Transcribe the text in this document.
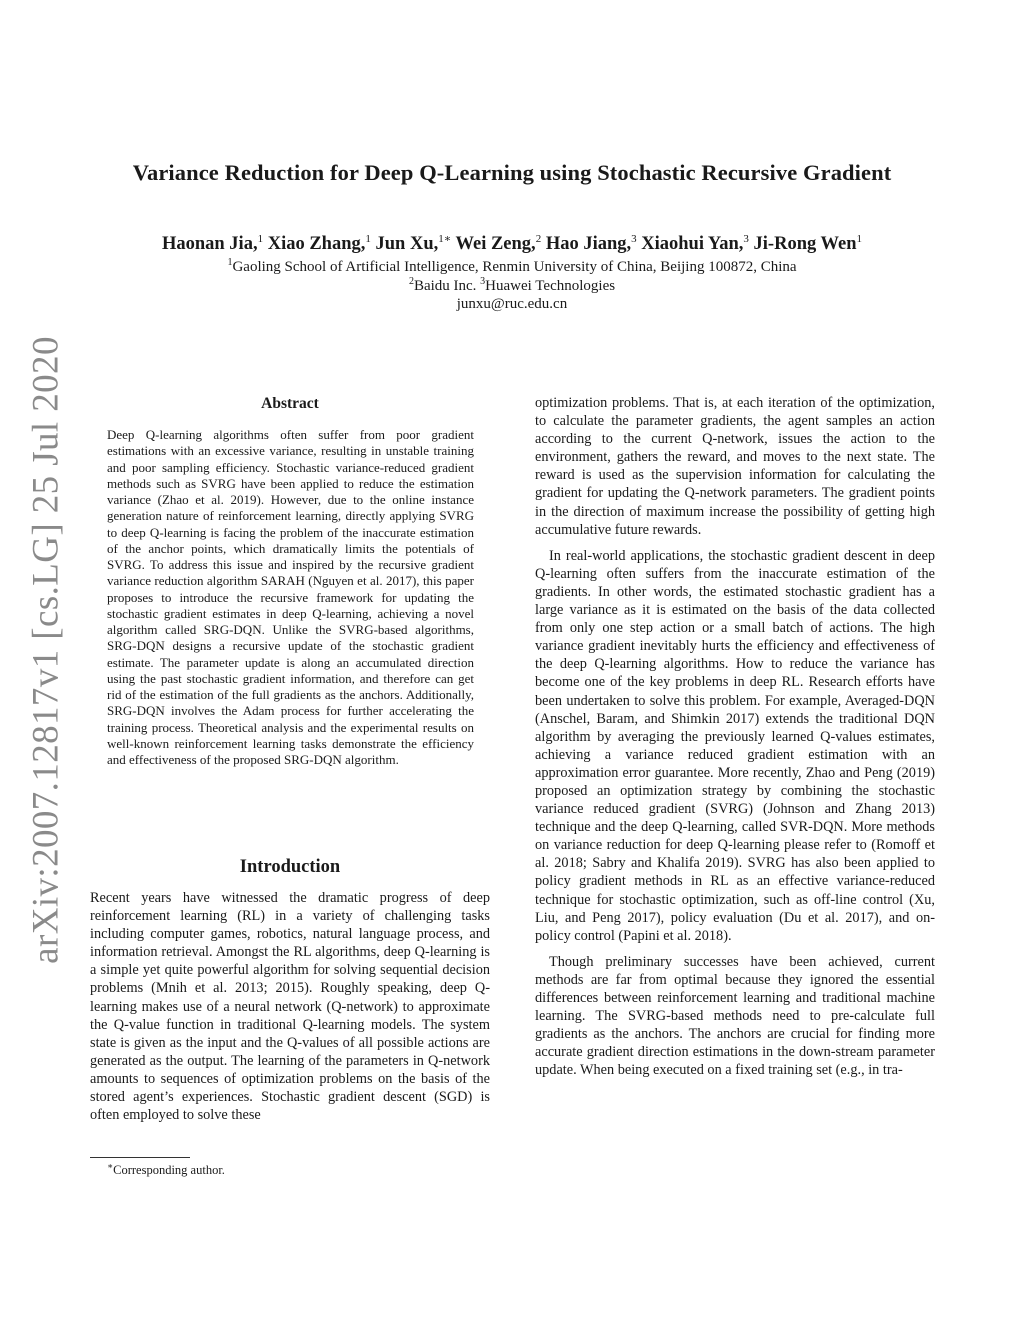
arXiv:2007.12817v1 [cs.LG] 25 Jul 2020
Variance Reduction for Deep Q-Learning using Stochastic Recursive Gradient
Haonan Jia,$^1$ Xiao Zhang,$^1$ Jun Xu,$^{1∗}$ Wei Zeng,$^2$ Hao Jiang,$^3$ Xiaohui Yan,$^3$ Ji-Rong Wen$^1$
$^1$Gaoling School of Artificial Intelligence, Renmin University of China, Beijing 100872, China
$^2$Baidu Inc. $^3$Huawei Technologies
junxu@ruc.edu.cn
Abstract
Deep Q-learning algorithms often suffer from poor gradient estimations with an excessive variance, resulting in unstable training and poor sampling efficiency. Stochastic variance-reduced gradient methods such as SVRG have been applied to reduce the estimation variance (Zhao et al. 2019). However, due to the online instance generation nature of reinforcement learning, directly applying SVRG to deep Q-learning is facing the problem of the inaccurate estimation of the anchor points, which dramatically limits the potentials of SVRG. To address this issue and inspired by the recursive gradient variance reduction algorithm SARAH (Nguyen et al. 2017), this paper proposes to introduce the recursive framework for updating the stochastic gradient estimates in deep Q-learning, achieving a novel algorithm called SRG-DQN. Unlike the SVRG-based algorithms, SRG-DQN designs a recursive update of the stochastic gradient estimate. The parameter update is along an accumulated direction using the past stochastic gradient information, and therefore can get rid of the estimation of the full gradients as the anchors. Additionally, SRG-DQN involves the Adam process for further accelerating the training process. Theoretical analysis and the experimental results on well-known reinforcement learning tasks demonstrate the efficiency and effectiveness of the proposed SRG-DQN algorithm.
Introduction
Recent years have witnessed the dramatic progress of deep reinforcement learning (RL) in a variety of challenging tasks including computer games, robotics, natural language process, and information retrieval. Amongst the RL algorithms, deep Q-learning is a simple yet quite powerful algorithm for solving sequential decision problems (Mnih et al. 2013; 2015). Roughly speaking, deep Q-learning makes use of a neural network (Q-network) to approximate the Q-value function in traditional Q-learning models. The system state is given as the input and the Q-values of all possible actions are generated as the output. The learning of the parameters in Q-network amounts to sequences of optimization problems on the basis of the stored agent’s experiences. Stochastic gradient descent (SGD) is often employed to solve these
∗Corresponding author.

optimization problems. That is, at each iteration of the optimization, to calculate the parameter gradients, the agent samples an action according to the current Q-network, issues the action to the environment, gathers the reward, and moves to the next state. The reward is used as the supervision information for calculating the gradient for updating the Q-network parameters. The gradient points in the direction of maximum increase the possibility of getting high accumulative future rewards.

In real-world applications, the stochastic gradient descent in deep Q-learning often suffers from the inaccurate estimation of the gradients. In other words, the estimated stochastic gradient has a large variance as it is estimated on the basis of the data collected from only one step action or a small batch of actions. The high variance gradient inevitably hurts the efficiency and effectiveness of the deep Q-learning algorithms. How to reduce the variance has become one of the key problems in deep RL. Research efforts have been undertaken to solve this problem. For example, Averaged-DQN (Anschel, Baram, and Shimkin 2017) extends the traditional DQN algorithm by averaging the previously learned Q-values estimates, achieving a variance reduced gradient estimation with an approximation error guarantee. More recently, Zhao and Peng (2019) proposed an optimization strategy by combining the stochastic variance reduced gradient (SVRG) (Johnson and Zhang 2013) technique and the deep Q-learning, called SVR-DQN. More methods on variance reduction for deep Q-learning please refer to (Romoff et al. 2018; Sabry and Khalifa 2019). SVRG has also been applied to policy gradient methods in RL as an effective variance-reduced technique for stochastic optimization, such as off-line control (Xu, Liu, and Peng 2017), policy evaluation (Du et al. 2017), and on-policy control (Papini et al. 2018).

Though preliminary successes have been achieved, current methods are far from optimal because they ignored the essential differences between reinforcement learning and traditional machine learning. The SVRG-based methods need to pre-calculate full gradients as the anchors. The anchors are crucial for finding more accurate gradient direction estimations in the down-stream parameter update. When being executed on a fixed training set (e.g., in tra-
